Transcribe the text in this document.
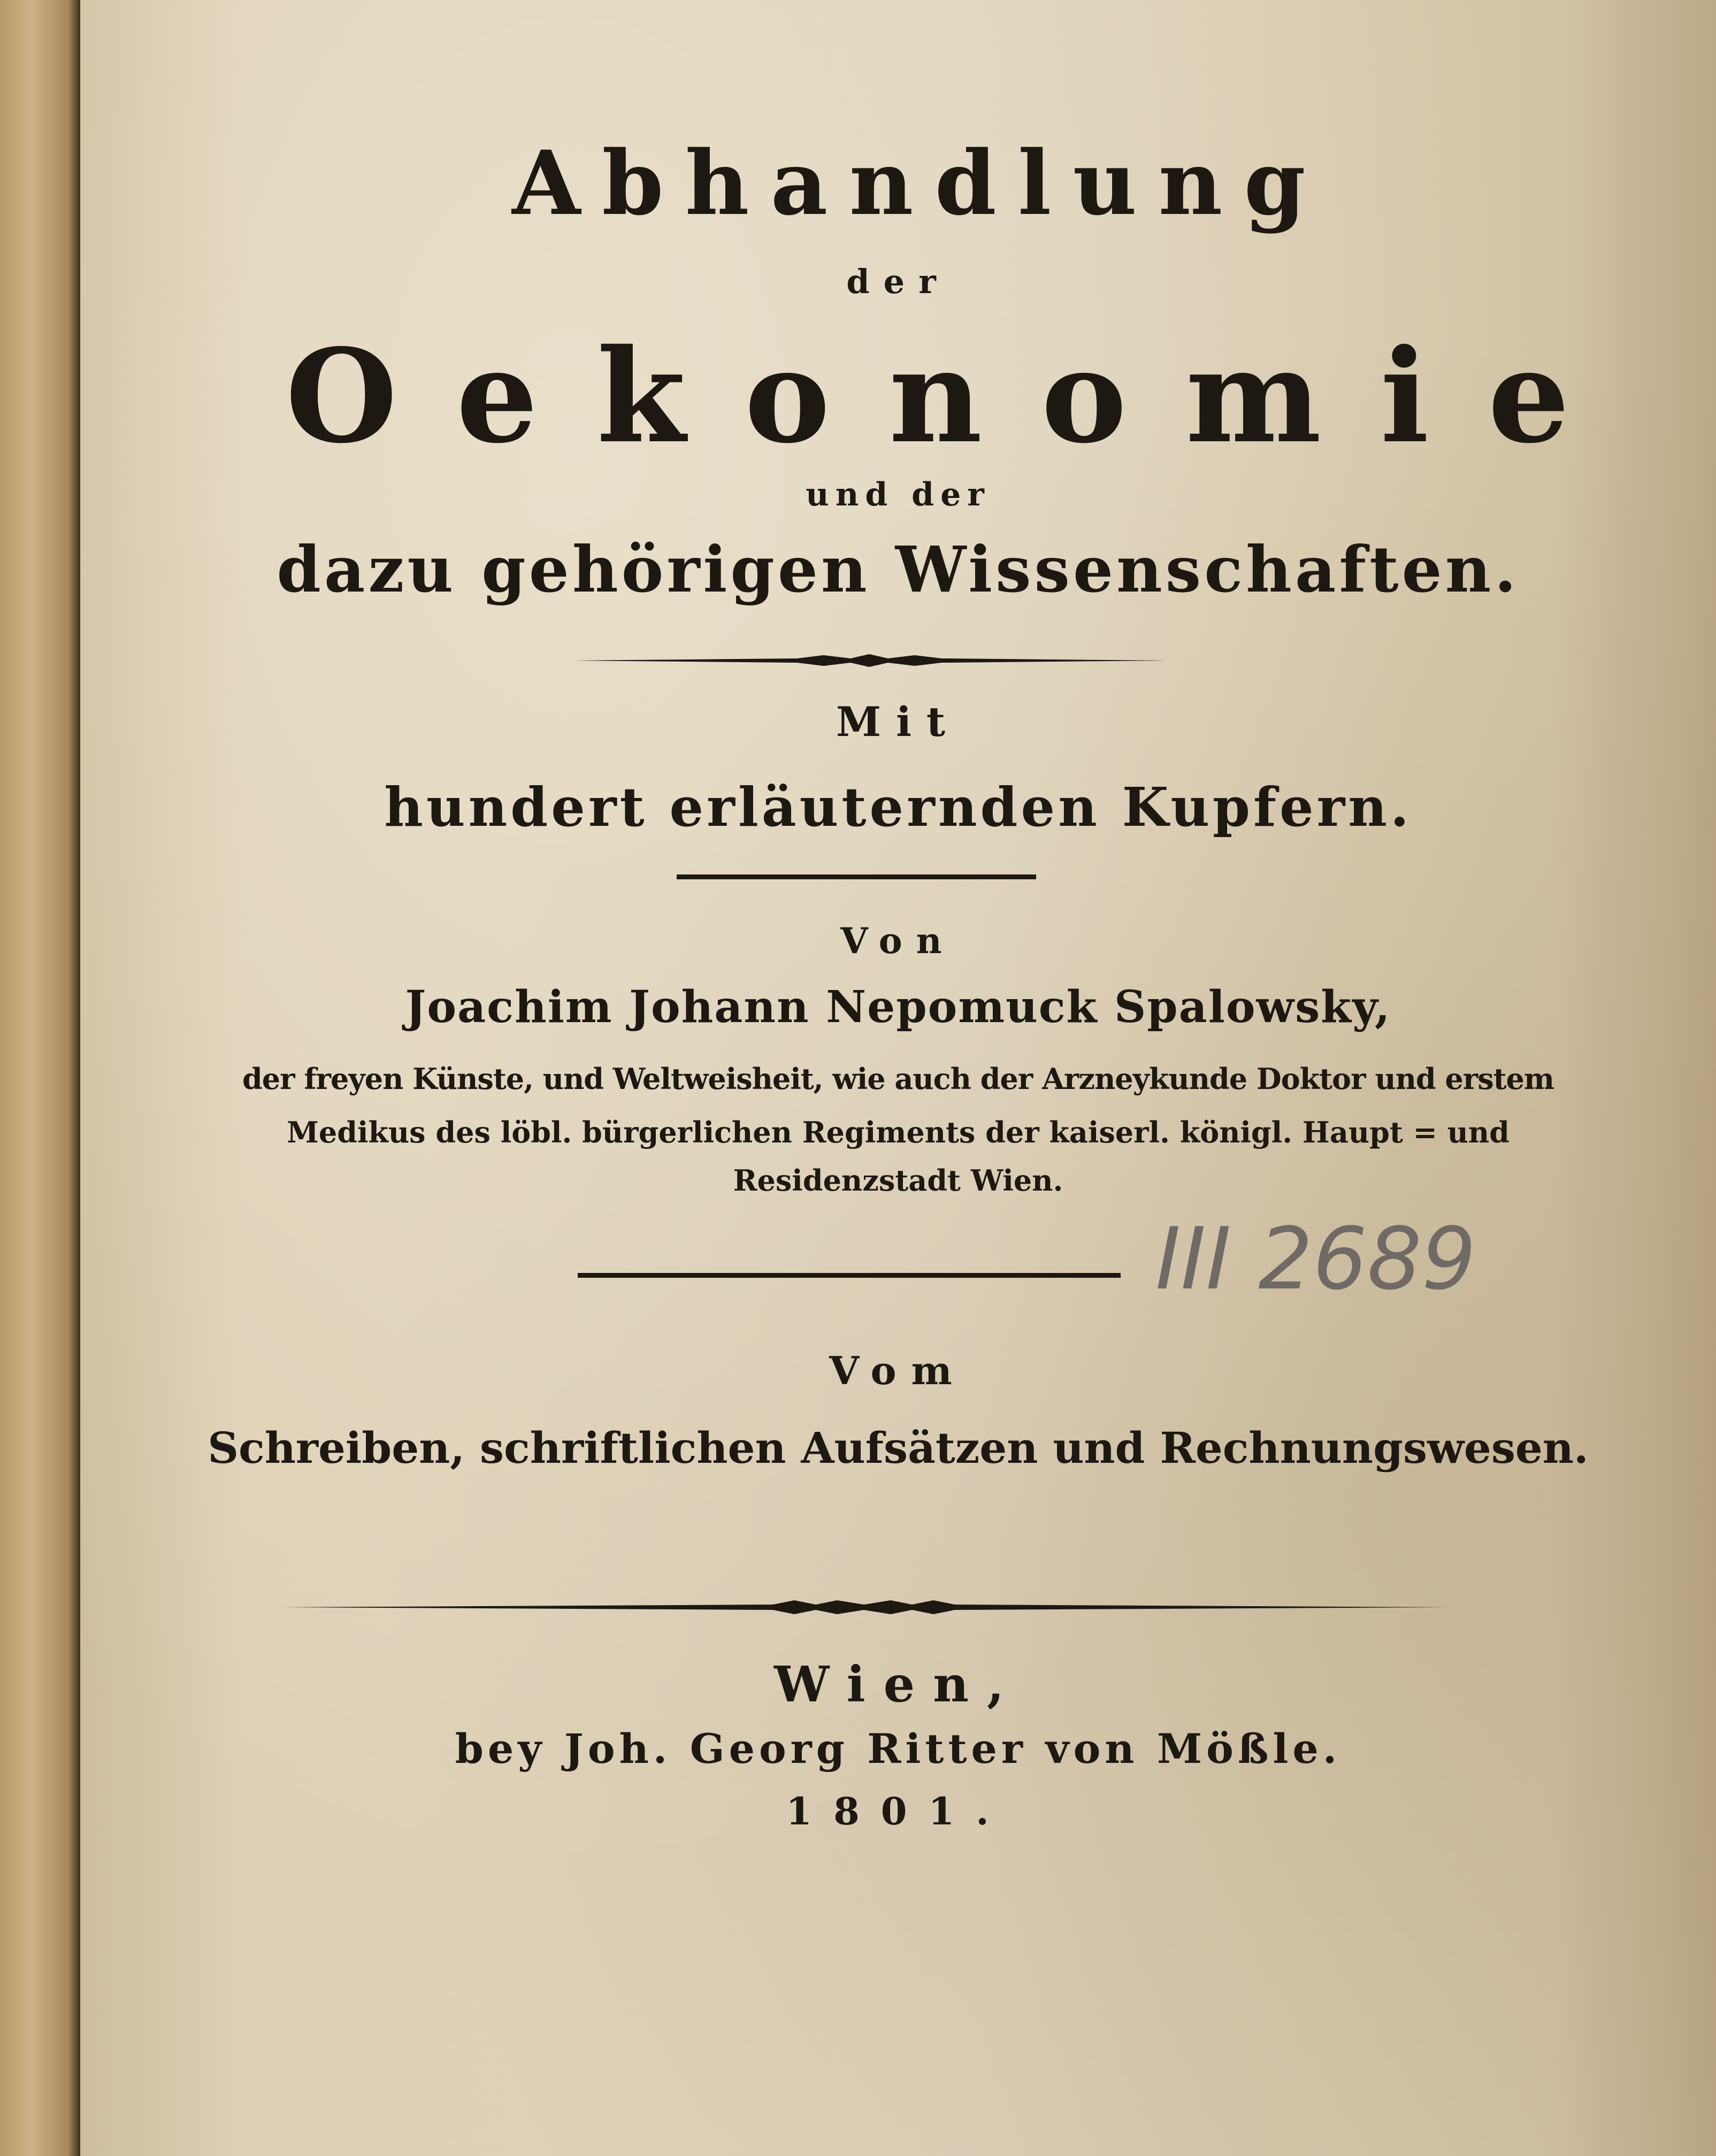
Abhandlung
der
Oekonomie
und der
dazu gehörigen Wissenschaften.
Mit
hundert erläuternden Kupfern.
Von
Joachim Johann Nepomuck Spalowsky,
der freyen Künste, und Weltweisheit, wie auch der Arzneykunde Doktor und erstem
Medikus des löbl. bürgerlichen Regiments der kaiserl. königl. Haupt = und
Residenzstadt Wien.
III 2689
Vom
Schreiben, schriftlichen Aufsätzen und Rechnungswesen.
Wien,
bey Joh. Georg Ritter von Mößle.
1801.
